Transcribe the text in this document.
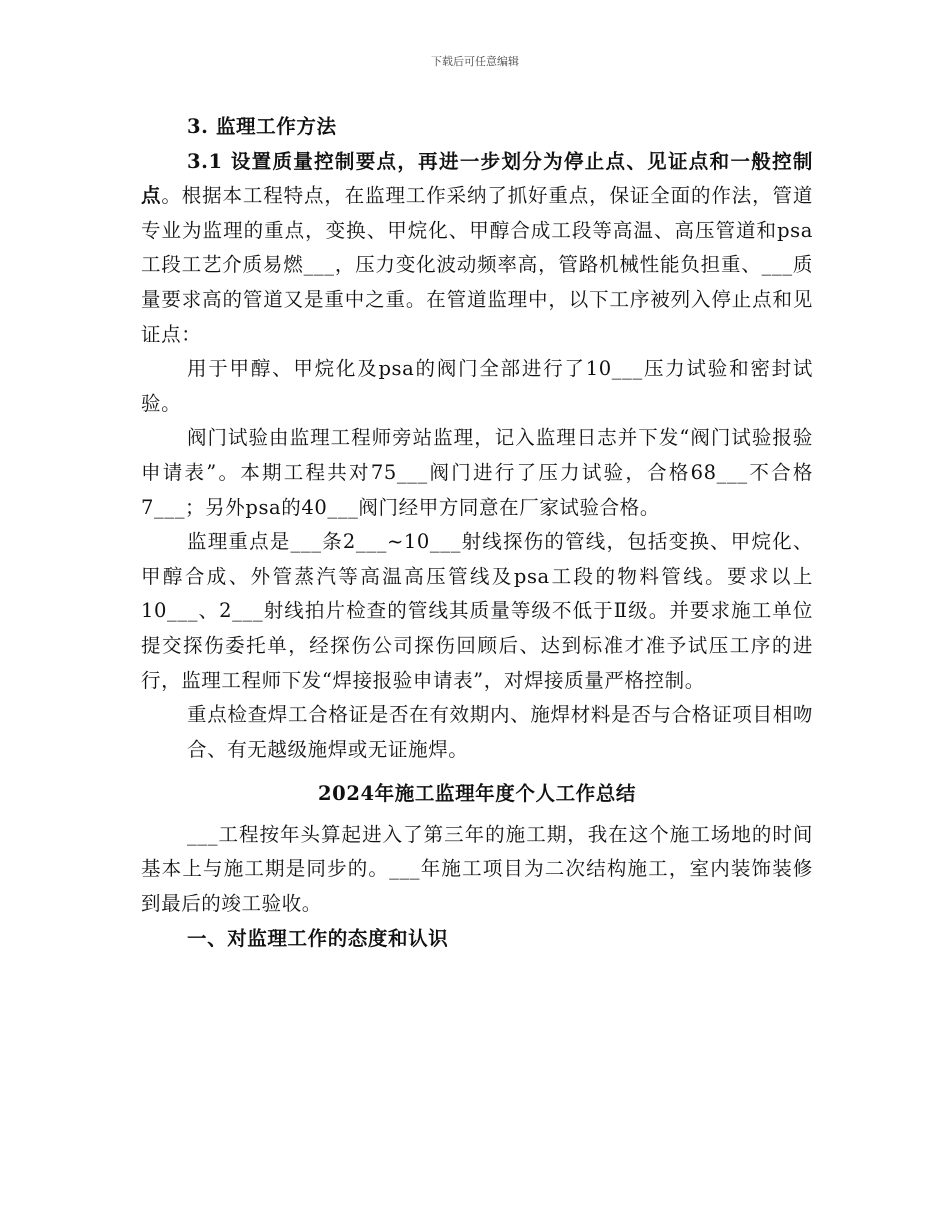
下载后可任意编辑

3. 监理工作方法

3.1 设置质量控制要点，再进一步划分为停止点、见证点和一般控制点。根据本工程特点，在监理工作采纳了抓好重点，保证全面的作法，管道专业为监理的重点，变换、甲烷化、甲醇合成工段等高温、高压管道和psa工段工艺介质易燃___，压力变化波动频率高，管路机械性能负担重、___质量要求高的管道又是重中之重。在管道监理中，以下工序被列入停止点和见证点：

用于甲醇、甲烷化及psa的阀门全部进行了10___压力试验和密封试验。

阀门试验由监理工程师旁站监理，记入监理日志并下发“阀门试验报验申请表”。本期工程共对75___阀门进行了压力试验，合格68___不合格7___；另外psa的40___阀门经甲方同意在厂家试验合格。

监理重点是___条2___~10___射线探伤的管线，包括变换、甲烷化、甲醇合成、外管蒸汽等高温高压管线及psa工段的物料管线。要求以上10___、2___射线拍片检查的管线其质量等级不低于Ⅱ级。并要求施工单位提交探伤委托单，经探伤公司探伤回顾后、达到标准才准予试压工序的进行，监理工程师下发“焊接报验申请表”，对焊接质量严格控制。

重点检查焊工合格证是否在有效期内、施焊材料是否与合格证项目相吻合、有无越级施焊或无证施焊。

2024年施工监理年度个人工作总结

___工程按年头算起进入了第三年的施工期，我在这个施工场地的时间基本上与施工期是同步的。___年施工项目为二次结构施工，室内装饰装修到最后的竣工验收。

一、对监理工作的态度和认识
